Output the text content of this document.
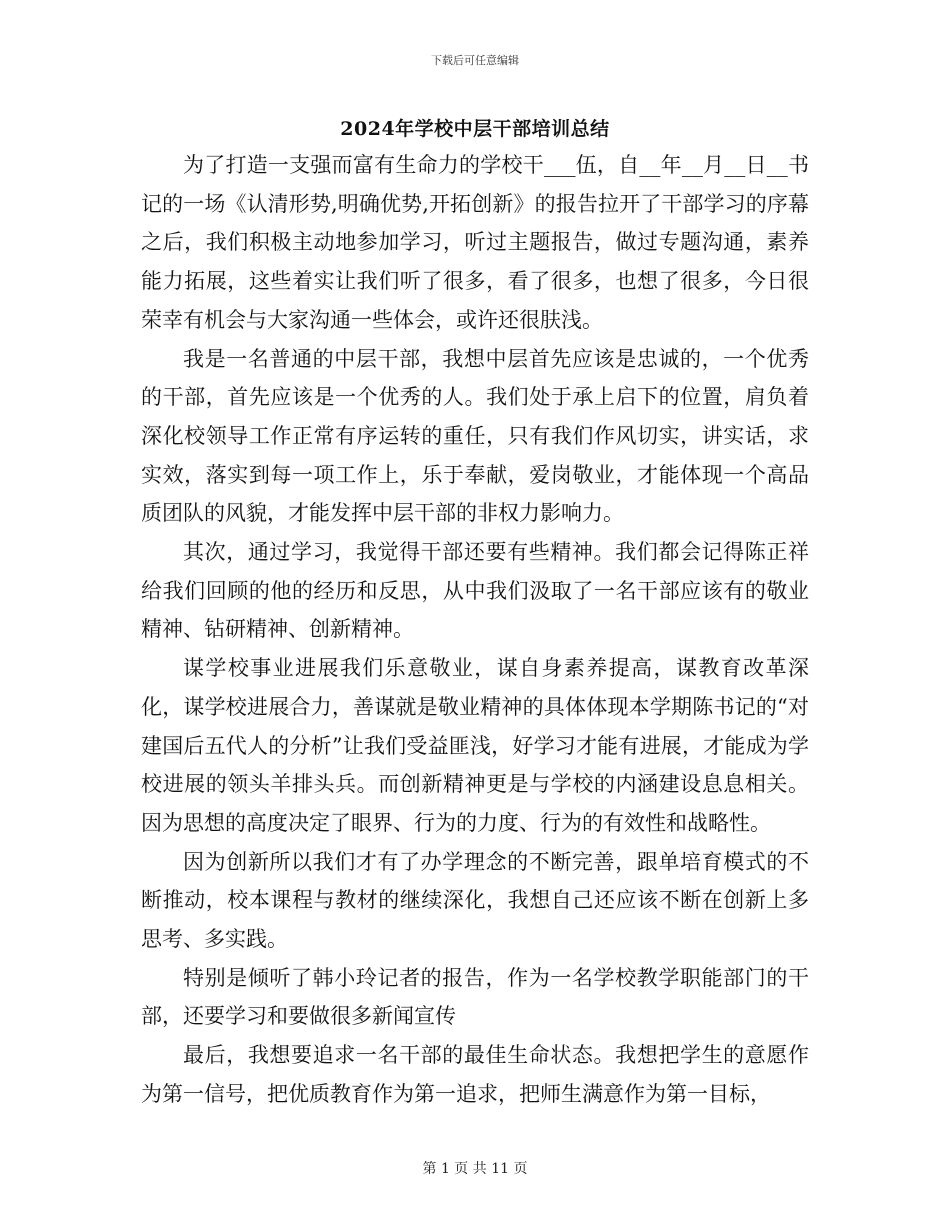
下载后可任意编辑
2024年学校中层干部培训总结

为了打造一支强而富有生命力的学校干___伍，自__年__月__日__书记的一场《认清形势,明确优势,开拓创新》的报告拉开了干部学习的序幕之后，我们积极主动地参加学习，听过主题报告，做过专题沟通，素养能力拓展，这些着实让我们听了很多，看了很多，也想了很多，今日很荣幸有机会与大家沟通一些体会，或许还很肤浅。

我是一名普通的中层干部，我想中层首先应该是忠诚的，一个优秀的干部，首先应该是一个优秀的人。我们处于承上启下的位置，肩负着深化校领导工作正常有序运转的重任，只有我们作风切实，讲实话，求实效，落实到每一项工作上，乐于奉献，爱岗敬业，才能体现一个高品质团队的风貌，才能发挥中层干部的非权力影响力。

其次，通过学习，我觉得干部还要有些精神。我们都会记得陈正祥给我们回顾的他的经历和反思，从中我们汲取了一名干部应该有的敬业精神、钻研精神、创新精神。

谋学校事业进展我们乐意敬业，谋自身素养提高，谋教育改革深化，谋学校进展合力，善谋就是敬业精神的具体体现本学期陈书记的“对建国后五代人的分析”让我们受益匪浅，好学习才能有进展，才能成为学校进展的领头羊排头兵。而创新精神更是与学校的内涵建设息息相关。因为思想的高度决定了眼界、行为的力度、行为的有效性和战略性。

因为创新所以我们才有了办学理念的不断完善，跟单培育模式的不断推动，校本课程与教材的继续深化，我想自己还应该不断在创新上多思考、多实践。

特别是倾听了韩小玲记者的报告，作为一名学校教学职能部门的干部，还要学习和要做很多新闻宣传

最后，我想要追求一名干部的最佳生命状态。我想把学生的意愿作为第一信号，把优质教育作为第一追求，把师生满意作为第一目标，

第 1 页 共 11 页
